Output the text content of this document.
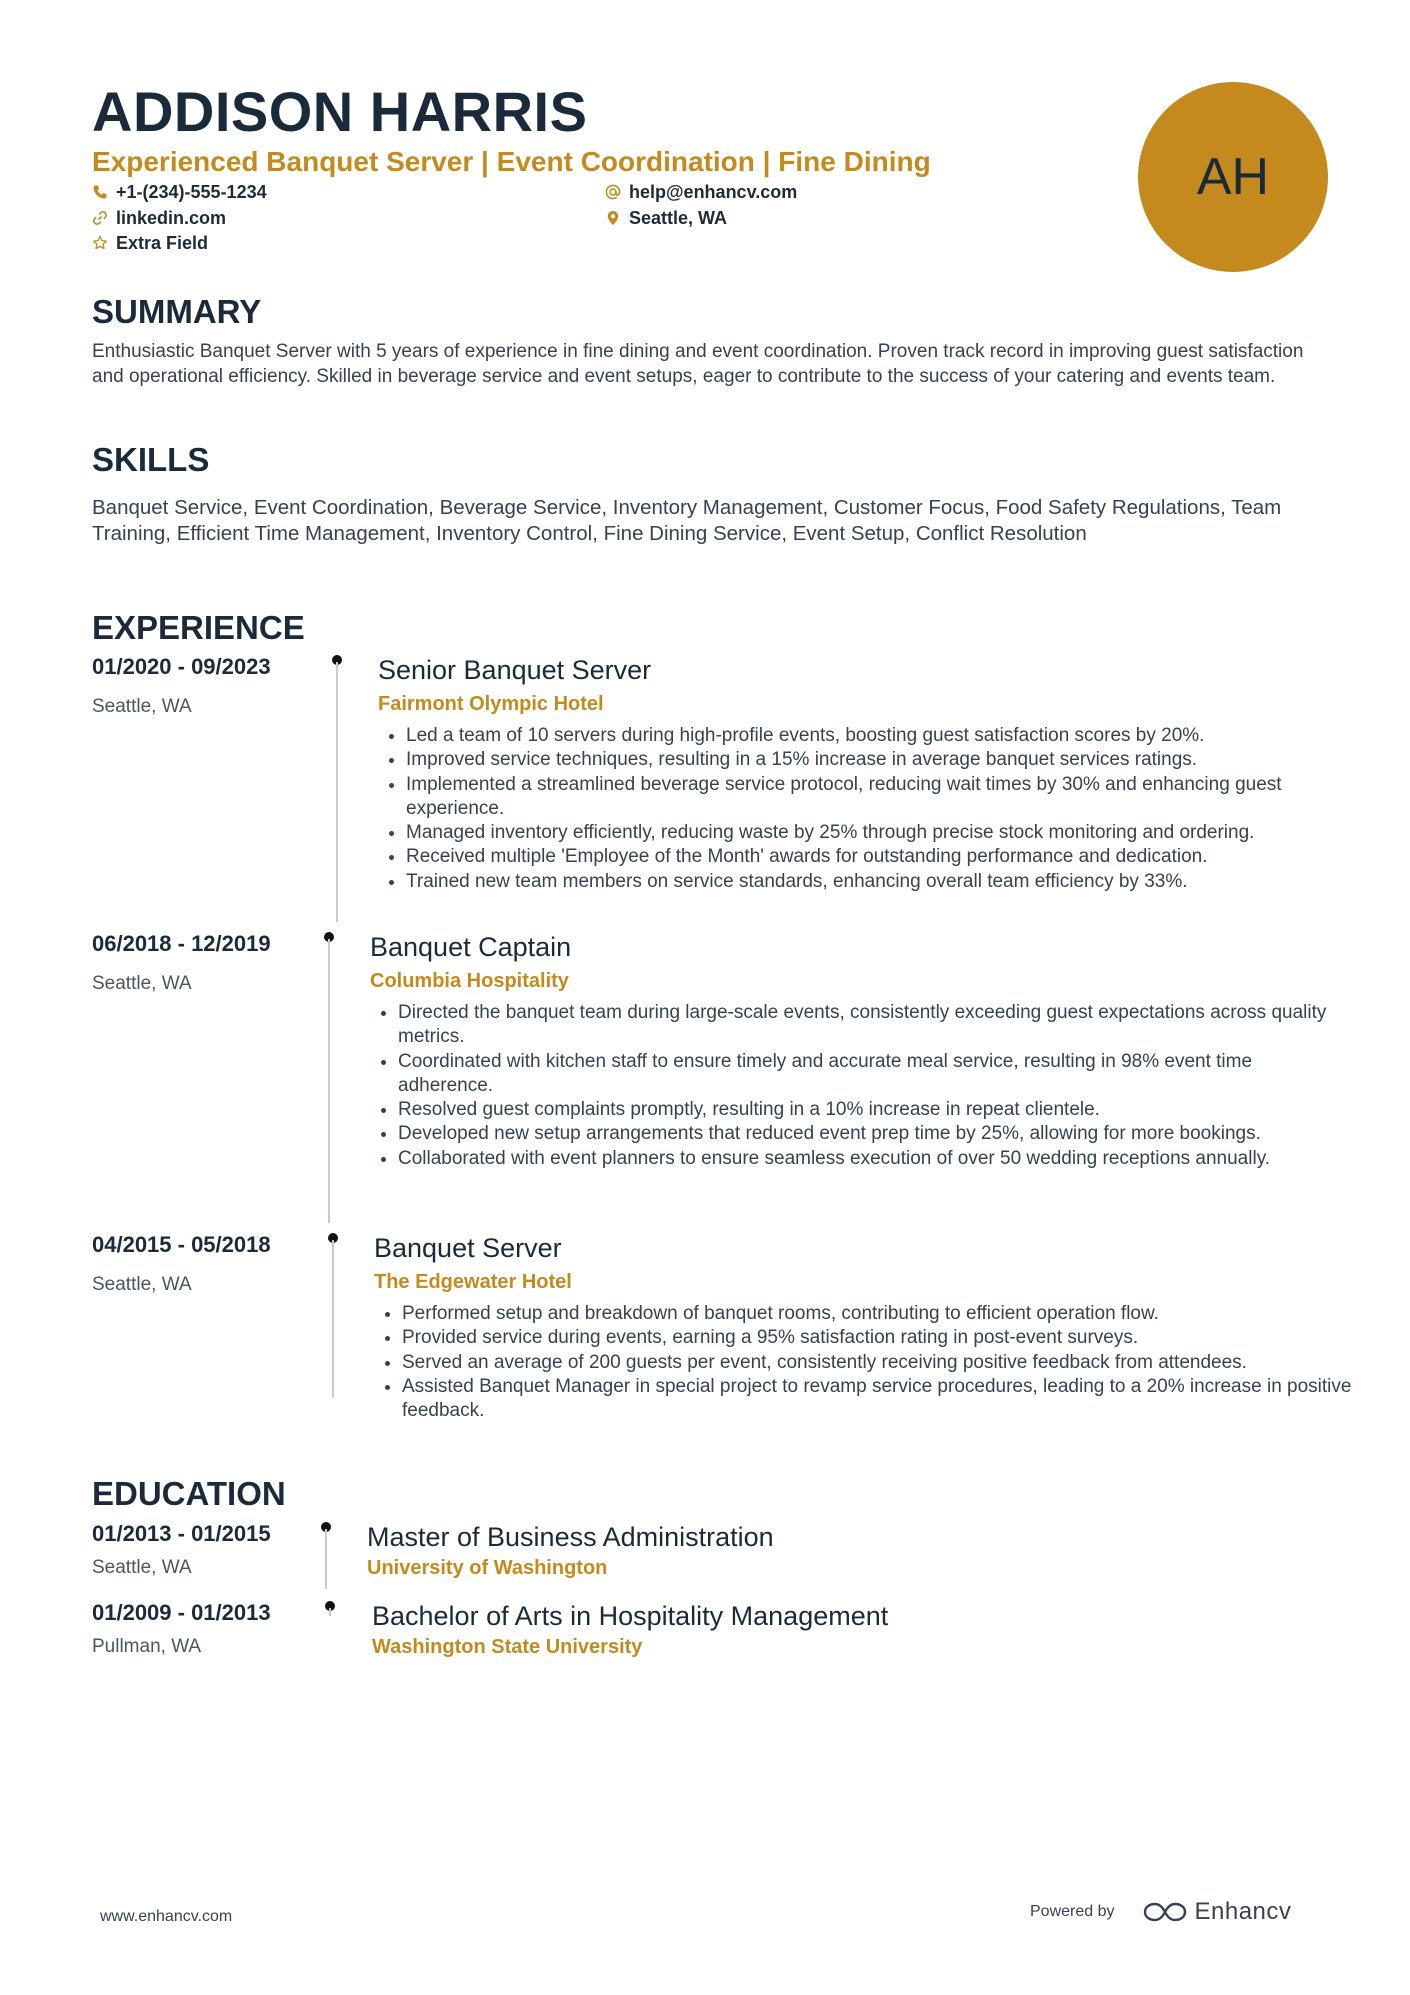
ADDISON HARRIS
Experienced Banquet Server | Event Coordination | Fine Dining
+1-(234)-555-1234	help@enhancv.com
linkedin.com	Seattle, WA
Extra Field
AH
SUMMARY

Enthusiastic Banquet Server with 5 years of experience in fine dining and event coordination. Proven track record in improving guest satisfaction and operational efficiency. Skilled in beverage service and event setups, eager to contribute to the success of your catering and events team.

SKILLS

Banquet Service, Event Coordination, Beverage Service, Inventory Management, Customer Focus, Food Safety Regulations, Team Training, Efficient Time Management, Inventory Control, Fine Dining Service, Event Setup, Conflict Resolution

EXPERIENCE
01/2020 - 09/2023
Seattle, WA
Senior Banquet Server
Fairmont Olympic Hotel
• Led a team of 10 servers during high-profile events, boosting guest satisfaction scores by 20%.
• Improved service techniques, resulting in a 15% increase in average banquet services ratings.
• Implemented a streamlined beverage service protocol, reducing wait times by 30% and enhancing guest experience.
• Managed inventory efficiently, reducing waste by 25% through precise stock monitoring and ordering.
• Received multiple 'Employee of the Month' awards for outstanding performance and dedication.
• Trained new team members on service standards, enhancing overall team efficiency by 33%.
06/2018 - 12/2019
Seattle, WA
Banquet Captain
Columbia Hospitality
• Directed the banquet team during large-scale events, consistently exceeding guest expectations across quality metrics.
• Coordinated with kitchen staff to ensure timely and accurate meal service, resulting in 98% event time adherence.
• Resolved guest complaints promptly, resulting in a 10% increase in repeat clientele.
• Developed new setup arrangements that reduced event prep time by 25%, allowing for more bookings.
• Collaborated with event planners to ensure seamless execution of over 50 wedding receptions annually.
04/2015 - 05/2018
Seattle, WA
Banquet Server
The Edgewater Hotel
• Performed setup and breakdown of banquet rooms, contributing to efficient operation flow.
• Provided service during events, earning a 95% satisfaction rating in post-event surveys.
• Served an average of 200 guests per event, consistently receiving positive feedback from attendees.
• Assisted Banquet Manager in special project to revamp service procedures, leading to a 20% increase in positive feedback.
EDUCATION
01/2013 - 01/2015
Seattle, WA
Master of Business Administration
University of Washington
01/2009 - 01/2013
Pullman, WA
Bachelor of Arts in Hospitality Management
Washington State University
www.enhancv.com	Powered by	Enhancv
